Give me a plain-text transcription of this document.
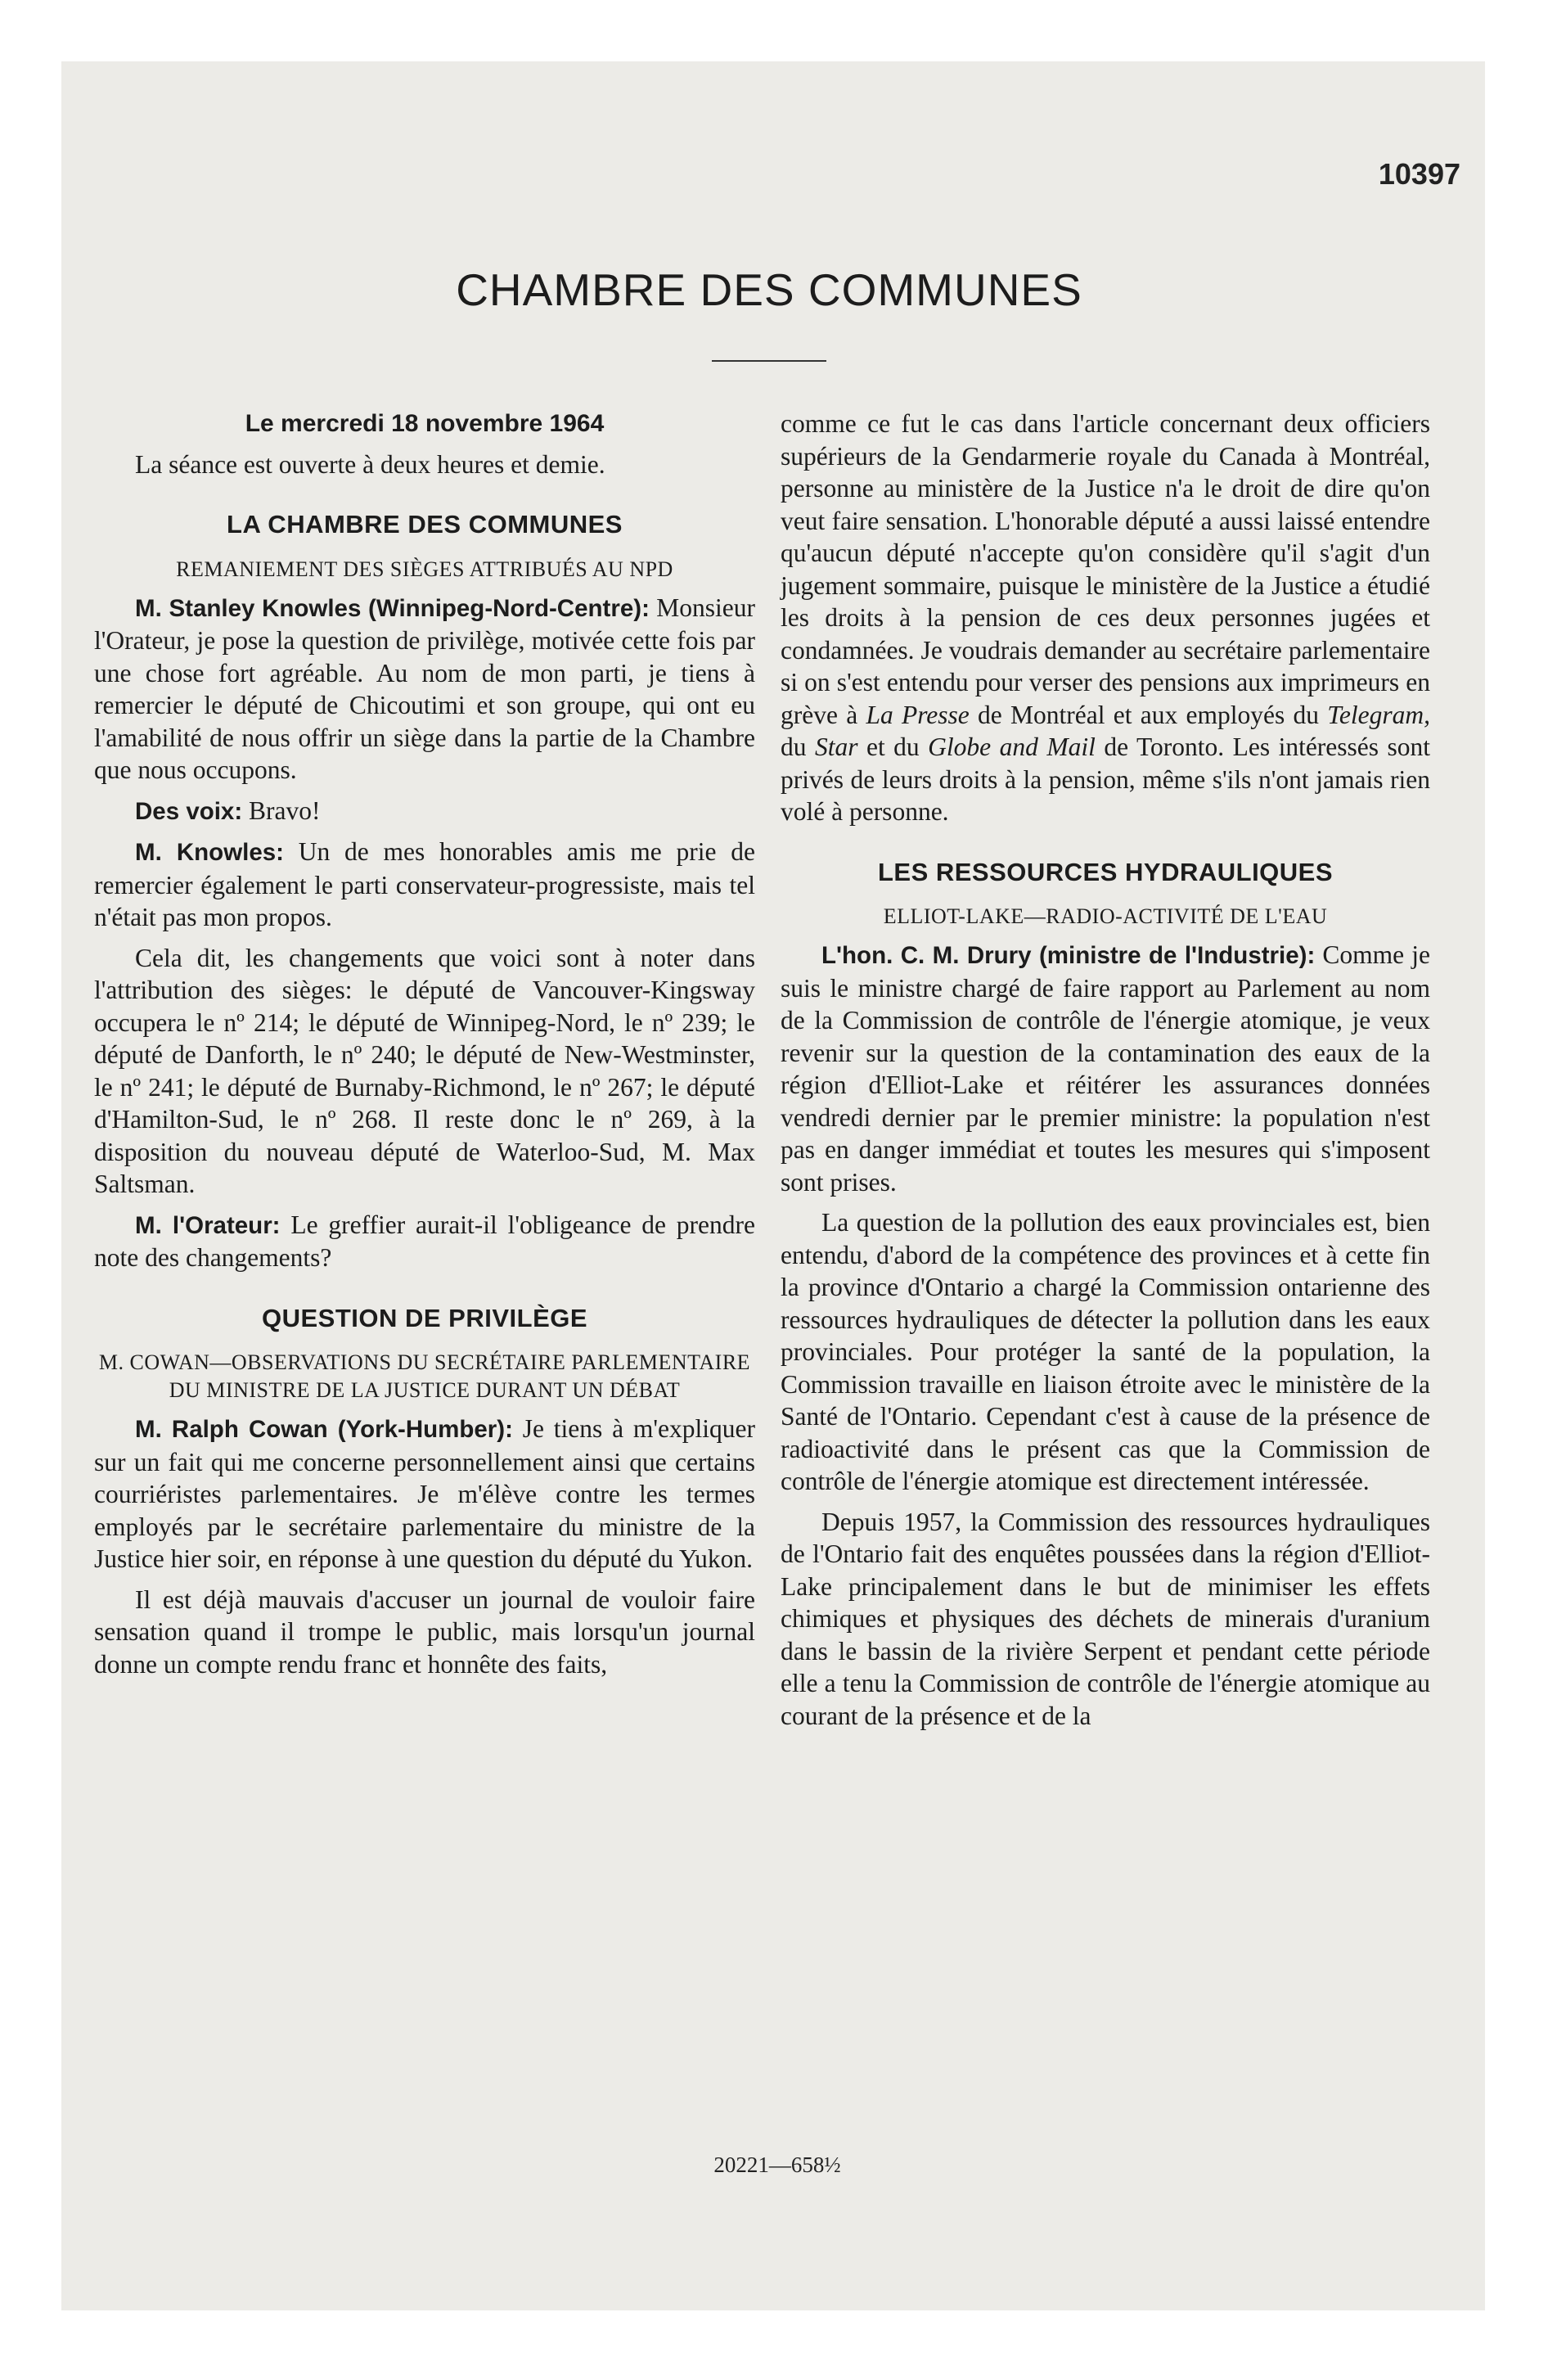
10397
CHAMBRE DES COMMUNES
Le mercredi 18 novembre 1964

La séance est ouverte à deux heures et demie.

LA CHAMBRE DES COMMUNES
REMANIEMENT DES SIÈGES ATTRIBUÉS AU NPD

M. Stanley Knowles (Winnipeg-Nord-Centre): Monsieur l'Orateur, je pose la question de privilège, motivée cette fois par une chose fort agréable. Au nom de mon parti, je tiens à remercier le député de Chicoutimi et son groupe, qui ont eu l'amabilité de nous offrir un siège dans la partie de la Chambre que nous occupons.

Des voix: Bravo!

M. Knowles: Un de mes honorables amis me prie de remercier également le parti conservateur-progressiste, mais tel n'était pas mon propos.

Cela dit, les changements que voici sont à noter dans l'attribution des sièges: le député de Vancouver-Kingsway occupera le nº 214; le député de Winnipeg-Nord, le nº 239; le député de Danforth, le nº 240; le député de New-Westminster, le nº 241; le député de Burnaby-Richmond, le nº 267; le député d'Hamilton-Sud, le nº 268. Il reste donc le nº 269, à la disposition du nouveau député de Waterloo-Sud, M. Max Saltsman.

M. l'Orateur: Le greffier aurait-il l'obligeance de prendre note des changements?

QUESTION DE PRIVILÈGE
M. COWAN—OBSERVATIONS DU SECRÉTAIRE PARLEMENTAIRE DU MINISTRE DE LA JUSTICE DURANT UN DÉBAT

M. Ralph Cowan (York-Humber): Je tiens à m'expliquer sur un fait qui me concerne personnellement ainsi que certains courriéristes parlementaires. Je m'élève contre les termes employés par le secrétaire parlementaire du ministre de la Justice hier soir, en réponse à une question du député du Yukon.

Il est déjà mauvais d'accuser un journal de vouloir faire sensation quand il trompe le public, mais lorsqu'un journal donne un compte rendu franc et honnête des faits,

comme ce fut le cas dans l'article concernant deux officiers supérieurs de la Gendarmerie royale du Canada à Montréal, personne au ministère de la Justice n'a le droit de dire qu'on veut faire sensation. L'honorable député a aussi laissé entendre qu'aucun député n'accepte qu'on considère qu'il s'agit d'un jugement sommaire, puisque le ministère de la Justice a étudié les droits à la pension de ces deux personnes jugées et condamnées. Je voudrais demander au secrétaire parlementaire si on s'est entendu pour verser des pensions aux imprimeurs en grève à La Presse de Montréal et aux employés du Telegram, du Star et du Globe and Mail de Toronto. Les intéressés sont privés de leurs droits à la pension, même s'ils n'ont jamais rien volé à personne.

LES RESSOURCES HYDRAULIQUES
ELLIOT-LAKE—RADIO-ACTIVITÉ DE L'EAU

L'hon. C. M. Drury (ministre de l'Industrie): Comme je suis le ministre chargé de faire rapport au Parlement au nom de la Commission de contrôle de l'énergie atomique, je veux revenir sur la question de la contamination des eaux de la région d'Elliot-Lake et réitérer les assurances données vendredi dernier par le premier ministre: la population n'est pas en danger immédiat et toutes les mesures qui s'imposent sont prises.

La question de la pollution des eaux provinciales est, bien entendu, d'abord de la compétence des provinces et à cette fin la province d'Ontario a chargé la Commission ontarienne des ressources hydrauliques de détecter la pollution dans les eaux provinciales. Pour protéger la santé de la population, la Commission travaille en liaison étroite avec le ministère de la Santé de l'Ontario. Cependant c'est à cause de la présence de radioactivité dans le présent cas que la Commission de contrôle de l'énergie atomique est directement intéressée.

Depuis 1957, la Commission des ressources hydrauliques de l'Ontario fait des enquêtes poussées dans la région d'Elliot-Lake principalement dans le but de minimiser les effets chimiques et physiques des déchets de minerais d'uranium dans le bassin de la rivière Serpent et pendant cette période elle a tenu la Commission de contrôle de l'énergie atomique au courant de la présence et de la

20221—658½
